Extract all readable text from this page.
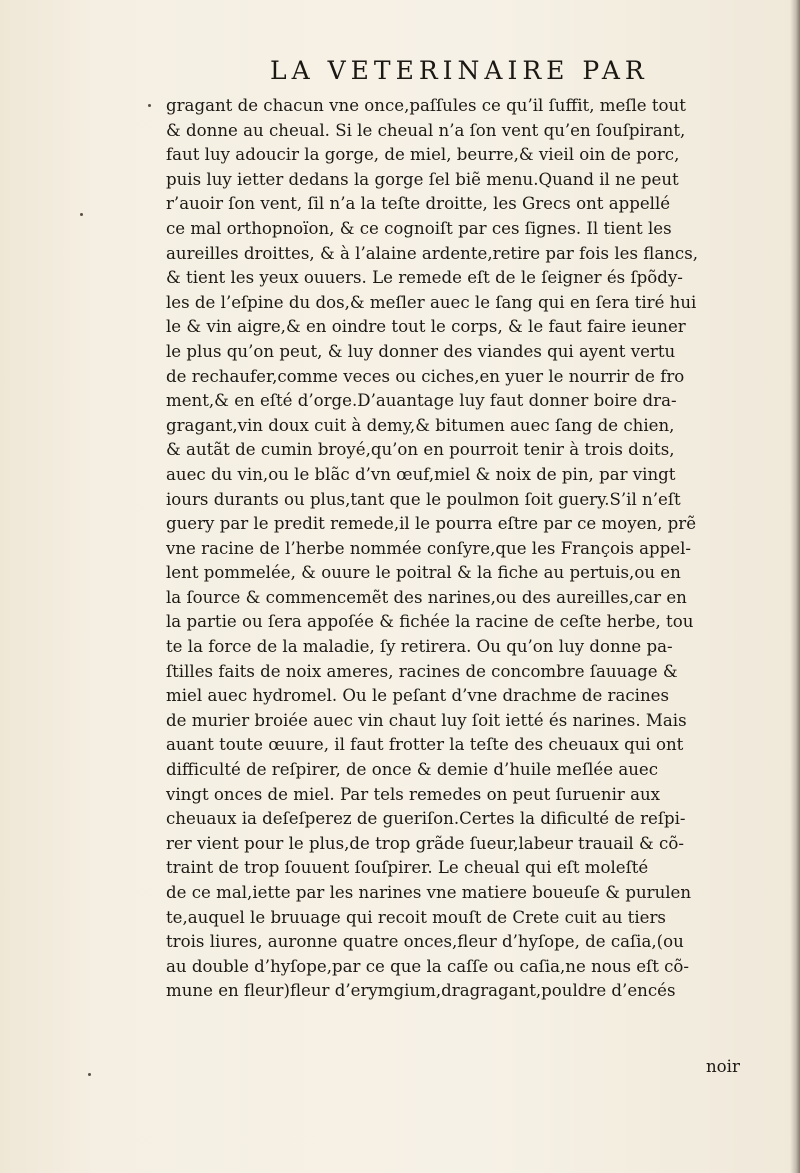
LA VETERINAIRE PAR
gragant de chacun vne once,paſſules ce qu’il ſuffit, meſle tout
& donne au cheual. Si le cheual n’a ſon vent qu’en ſouſpirant,
faut luy adoucir la gorge, de miel, beurre,& vieil oin de porc,
puis luy ietter dedans la gorge ſel biẽ menu.Quand il ne peut
r’auoir ſon vent, ſil n’a la teſte droitte, les Grecs ont appellé
ce mal orthopnoïon, & ce cognoiſt par ces ſignes. Il tient les
aureilles droittes, & à l’alaine ardente,retire par fois les flancs,
& tient les yeux ouuers. Le remede eſt de le ſeigner és ſpõdy-
les de l’eſpine du dos,& meſler auec le ſang qui en ſera tiré hui
le & vin aigre,& en oindre tout le corps, & le faut faire ieuner
le plus qu’on peut, & luy donner des viandes qui ayent vertu
de rechaufer,comme veces ou ciches,en yuer le nourrir de fro
ment,& en eſté d’orge.D’auantage luy faut donner boire dra-
gragant,vin doux cuit à demy,& bitumen auec ſang de chien,
& autãt de cumin broyé,qu’on en pourroit tenir à trois doits,
auec du vin,ou le blãc d’vn œuf,miel & noix de pin, par vingt
iours durants ou plus,tant que le poulmon ſoit guery.S’il n’eſt
guery par le predit remede,il le pourra eſtre par ce moyen, prẽ
vne racine de l’herbe nommée conſyre,que les François appel-
lent pommelée, & ouure le poitral & la fiche au pertuis,ou en
la ſource & commencemẽt des narines,ou des aureilles,car en
la partie ou ſera appoſée & fichée la racine de ceſte herbe, tou
te la force de la maladie, ſy retirera. Ou qu’on luy donne pa-
ſtilles faits de noix ameres, racines de concombre ſauuage &
miel auec hydromel. Ou le peſant d’vne drachme de racines
de murier broiée auec vin chaut luy ſoit ietté és narines. Mais
auant toute œuure, il faut frotter la teſte des cheuaux qui ont
difficulté de reſpirer, de once & demie d’huile meſlée auec
vingt onces de miel. Par tels remedes on peut ſuruenir aux
cheuaux ia deſeſperez de gueriſon.Certes la dificulté de reſpi-
rer vient pour le plus,de trop grãde ſueur,labeur trauail & cõ-
traint de trop ſouuent ſouſpirer. Le cheual qui eſt moleſté
de ce mal,iette par les narines vne matiere boueuſe & purulen
te,auquel le bruuage qui recoit mouſt de Crete cuit au tiers
trois liures, auronne quatre onces,fleur d’hyſope, de caſia,(ou
au double d’hyſope,par ce que la caſſe ou caſia,ne nous eſt cõ-
mune en fleur)fleur d’erymgium,dragragant,pouldre d’encés
noir
